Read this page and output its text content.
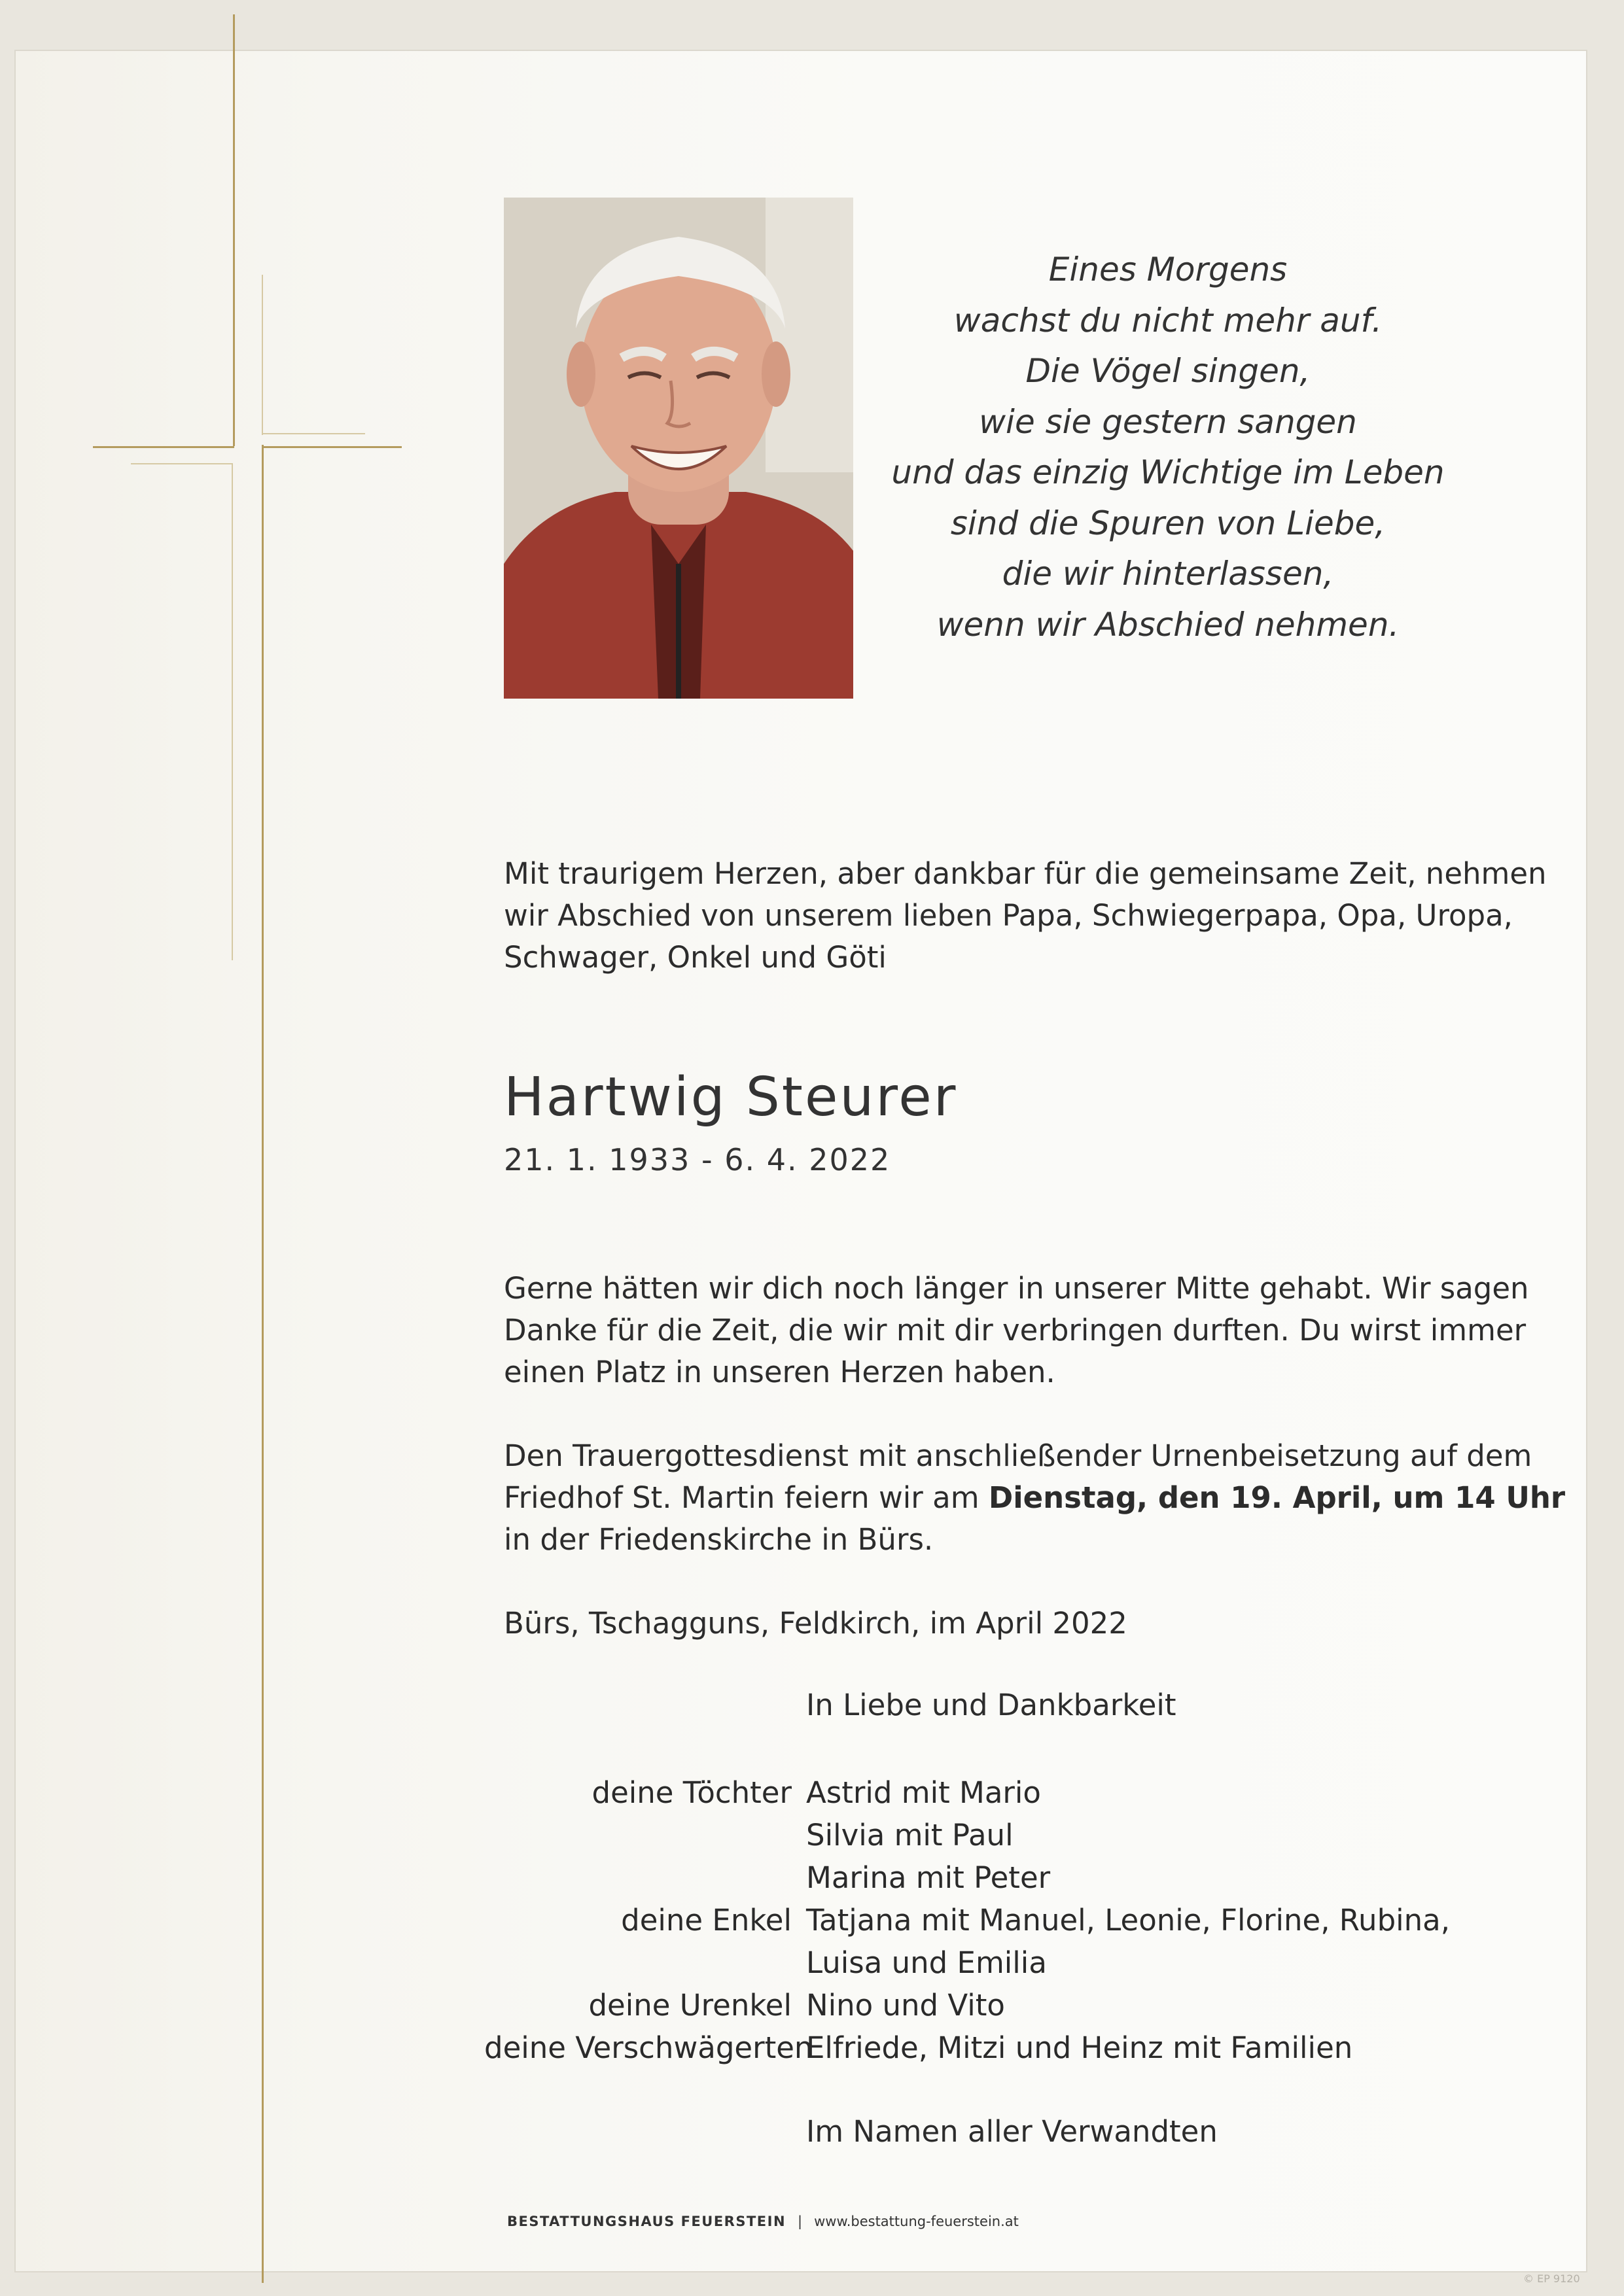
Eines Morgens
wachst du nicht mehr auf.
Die Vögel singen,
wie sie gestern sangen
und das einzig Wichtige im Leben
sind die Spuren von Liebe,
die wir hinterlassen,
wenn wir Abschied nehmen.
Mit traurigem Herzen, aber dankbar für die gemeinsame Zeit, nehmen
wir Abschied von unserem lieben Papa, Schwiegerpapa, Opa, Uropa,
Schwager, Onkel und Göti
Hartwig Steurer
21. 1. 1933 - 6. 4. 2022
Gerne hätten wir dich noch länger in unserer Mitte gehabt. Wir sagen
Danke für die Zeit, die wir mit dir verbringen durften. Du wirst immer
einen Platz in unseren Herzen haben.
Den Trauergottesdienst mit anschließender Urnenbeisetzung auf dem
Friedhof St. Martin feiern wir am Dienstag, den 19. April, um 14 Uhr
in der Friedenskirche in Bürs.
Bürs, Tschagguns, Feldkirch, im April 2022
In Liebe und Dankbarkeit
deine Töchter Astrid mit Mario
Silvia mit Paul
Marina mit Peter
deine Enkel Tatjana mit Manuel, Leonie, Florine, Rubina,
Luisa und Emilia
deine Urenkel Nino und Vito
deine Verschwägerten
Elfriede, Mitzi und Heinz mit Familien
Im Namen aller Verwandten
BESTATTUNGSHAUS FEUERSTEIN | www.bestattung-feuerstein.at
© EP 9120
